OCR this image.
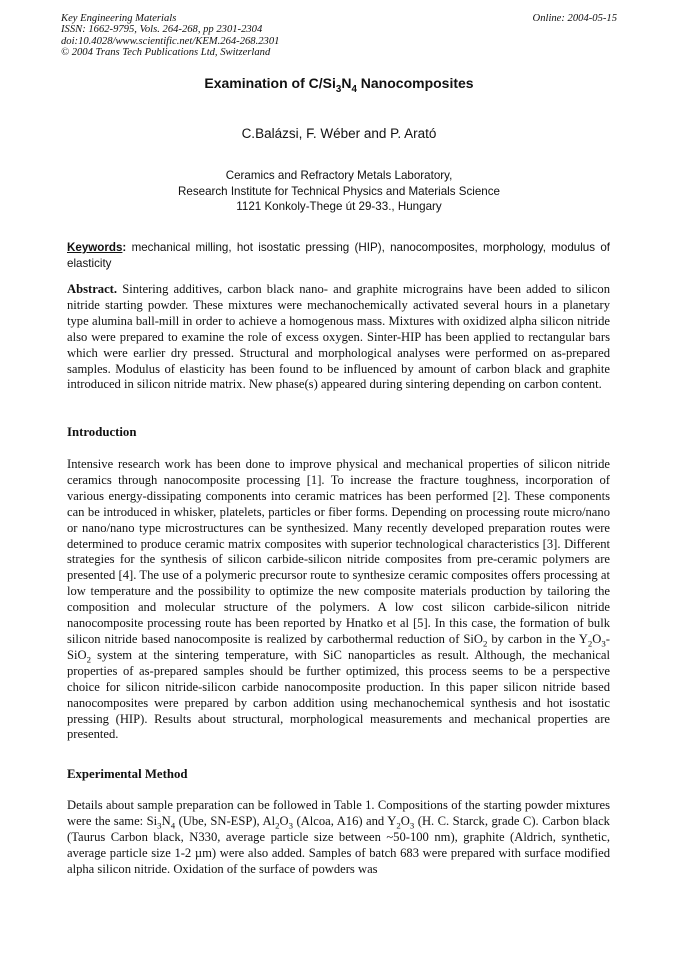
Key Engineering Materials	Online: 2004-05-15
ISSN: 1662-9795, Vols. 264-268, pp 2301-2304
doi:10.4028/www.scientific.net/KEM.264-268.2301
© 2004 Trans Tech Publications Ltd, Switzerland
Examination of $C/Si_3N_4$ Nanocomposites
C.Balázsi, F. Wéber and P. Arató
Ceramics and Refractory Metals Laboratory,
Research Institute for Technical Physics and Materials Science
1121 Konkoly-Thege út 29-33., Hungary
Keywords: mechanical milling, hot isostatic pressing (HIP), nanocomposites, morphology, modulus of elasticity
Abstract. Sintering additives, carbon black nano- and graphite micrograins have been added to silicon nitride starting powder. These mixtures were mechanochemically activated several hours in a planetary type alumina ball-mill in order to achieve a homogenous mass. Mixtures with oxidized alpha silicon nitride also were prepared to examine the role of excess oxygen. Sinter-HIP has been applied to rectangular bars which were earlier dry pressed. Structural and morphological analyses were performed on as-prepared samples. Modulus of elasticity has been found to be influenced by amount of carbon black and graphite introduced in silicon nitride matrix. New phase(s) appeared during sintering depending on carbon content.
Introduction
Intensive research work has been done to improve physical and mechanical properties of silicon nitride ceramics through nanocomposite processing [1]. To increase the fracture toughness, incorporation of various energy-dissipating components into ceramic matrices has been performed [2]. These components can be introduced in whisker, platelets, particles or fiber forms. Depending on processing route micro/nano or nano/nano type microstructures can be synthesized. Many recently developed preparation routes were determined to produce ceramic matrix composites with superior technological characteristics [3]. Different strategies for the synthesis of silicon carbide-silicon nitride composites from pre-ceramic polymers are presented [4]. The use of a polymeric precursor route to synthesize ceramic composites offers processing at low temperature and the possibility to optimize the new composite materials production by tailoring the composition and molecular structure of the polymers. A low cost silicon carbide-silicon nitride nanocomposite processing route has been reported by Hnatko et al [5]. In this case, the formation of bulk silicon nitride based nanocomposite is realized by carbothermal reduction of SiO$_2$ by carbon in the $Y_2O_3-SiO_2$ system at the sintering temperature, with SiC nanoparticles as result. Although, the mechanical properties of as-prepared samples should be further optimized, this process seems to be a perspective choice for silicon nitride-silicon carbide nanocomposite production. In this paper silicon nitride based nanocomposites were prepared by carbon addition using mechanochemical synthesis and hot isostatic pressing (HIP). Results about structural, morphological measurements and mechanical properties are presented.
Experimental Method
Details about sample preparation can be followed in Table 1. Compositions of the starting powder mixtures were the same: $Si_3N_4$ (Ube, SN-ESP), $Al_2O_3$ (Alcoa, A16) and $Y_2O_3$ (H. C. Starck, grade C). Carbon black (Taurus Carbon black, N330, average particle size between ~50-100 nm), graphite (Aldrich, synthetic, average particle size 1-2 µm) were also added. Samples of batch 683 were prepared with surface modified alpha silicon nitride. Oxidation of the surface of powders was
